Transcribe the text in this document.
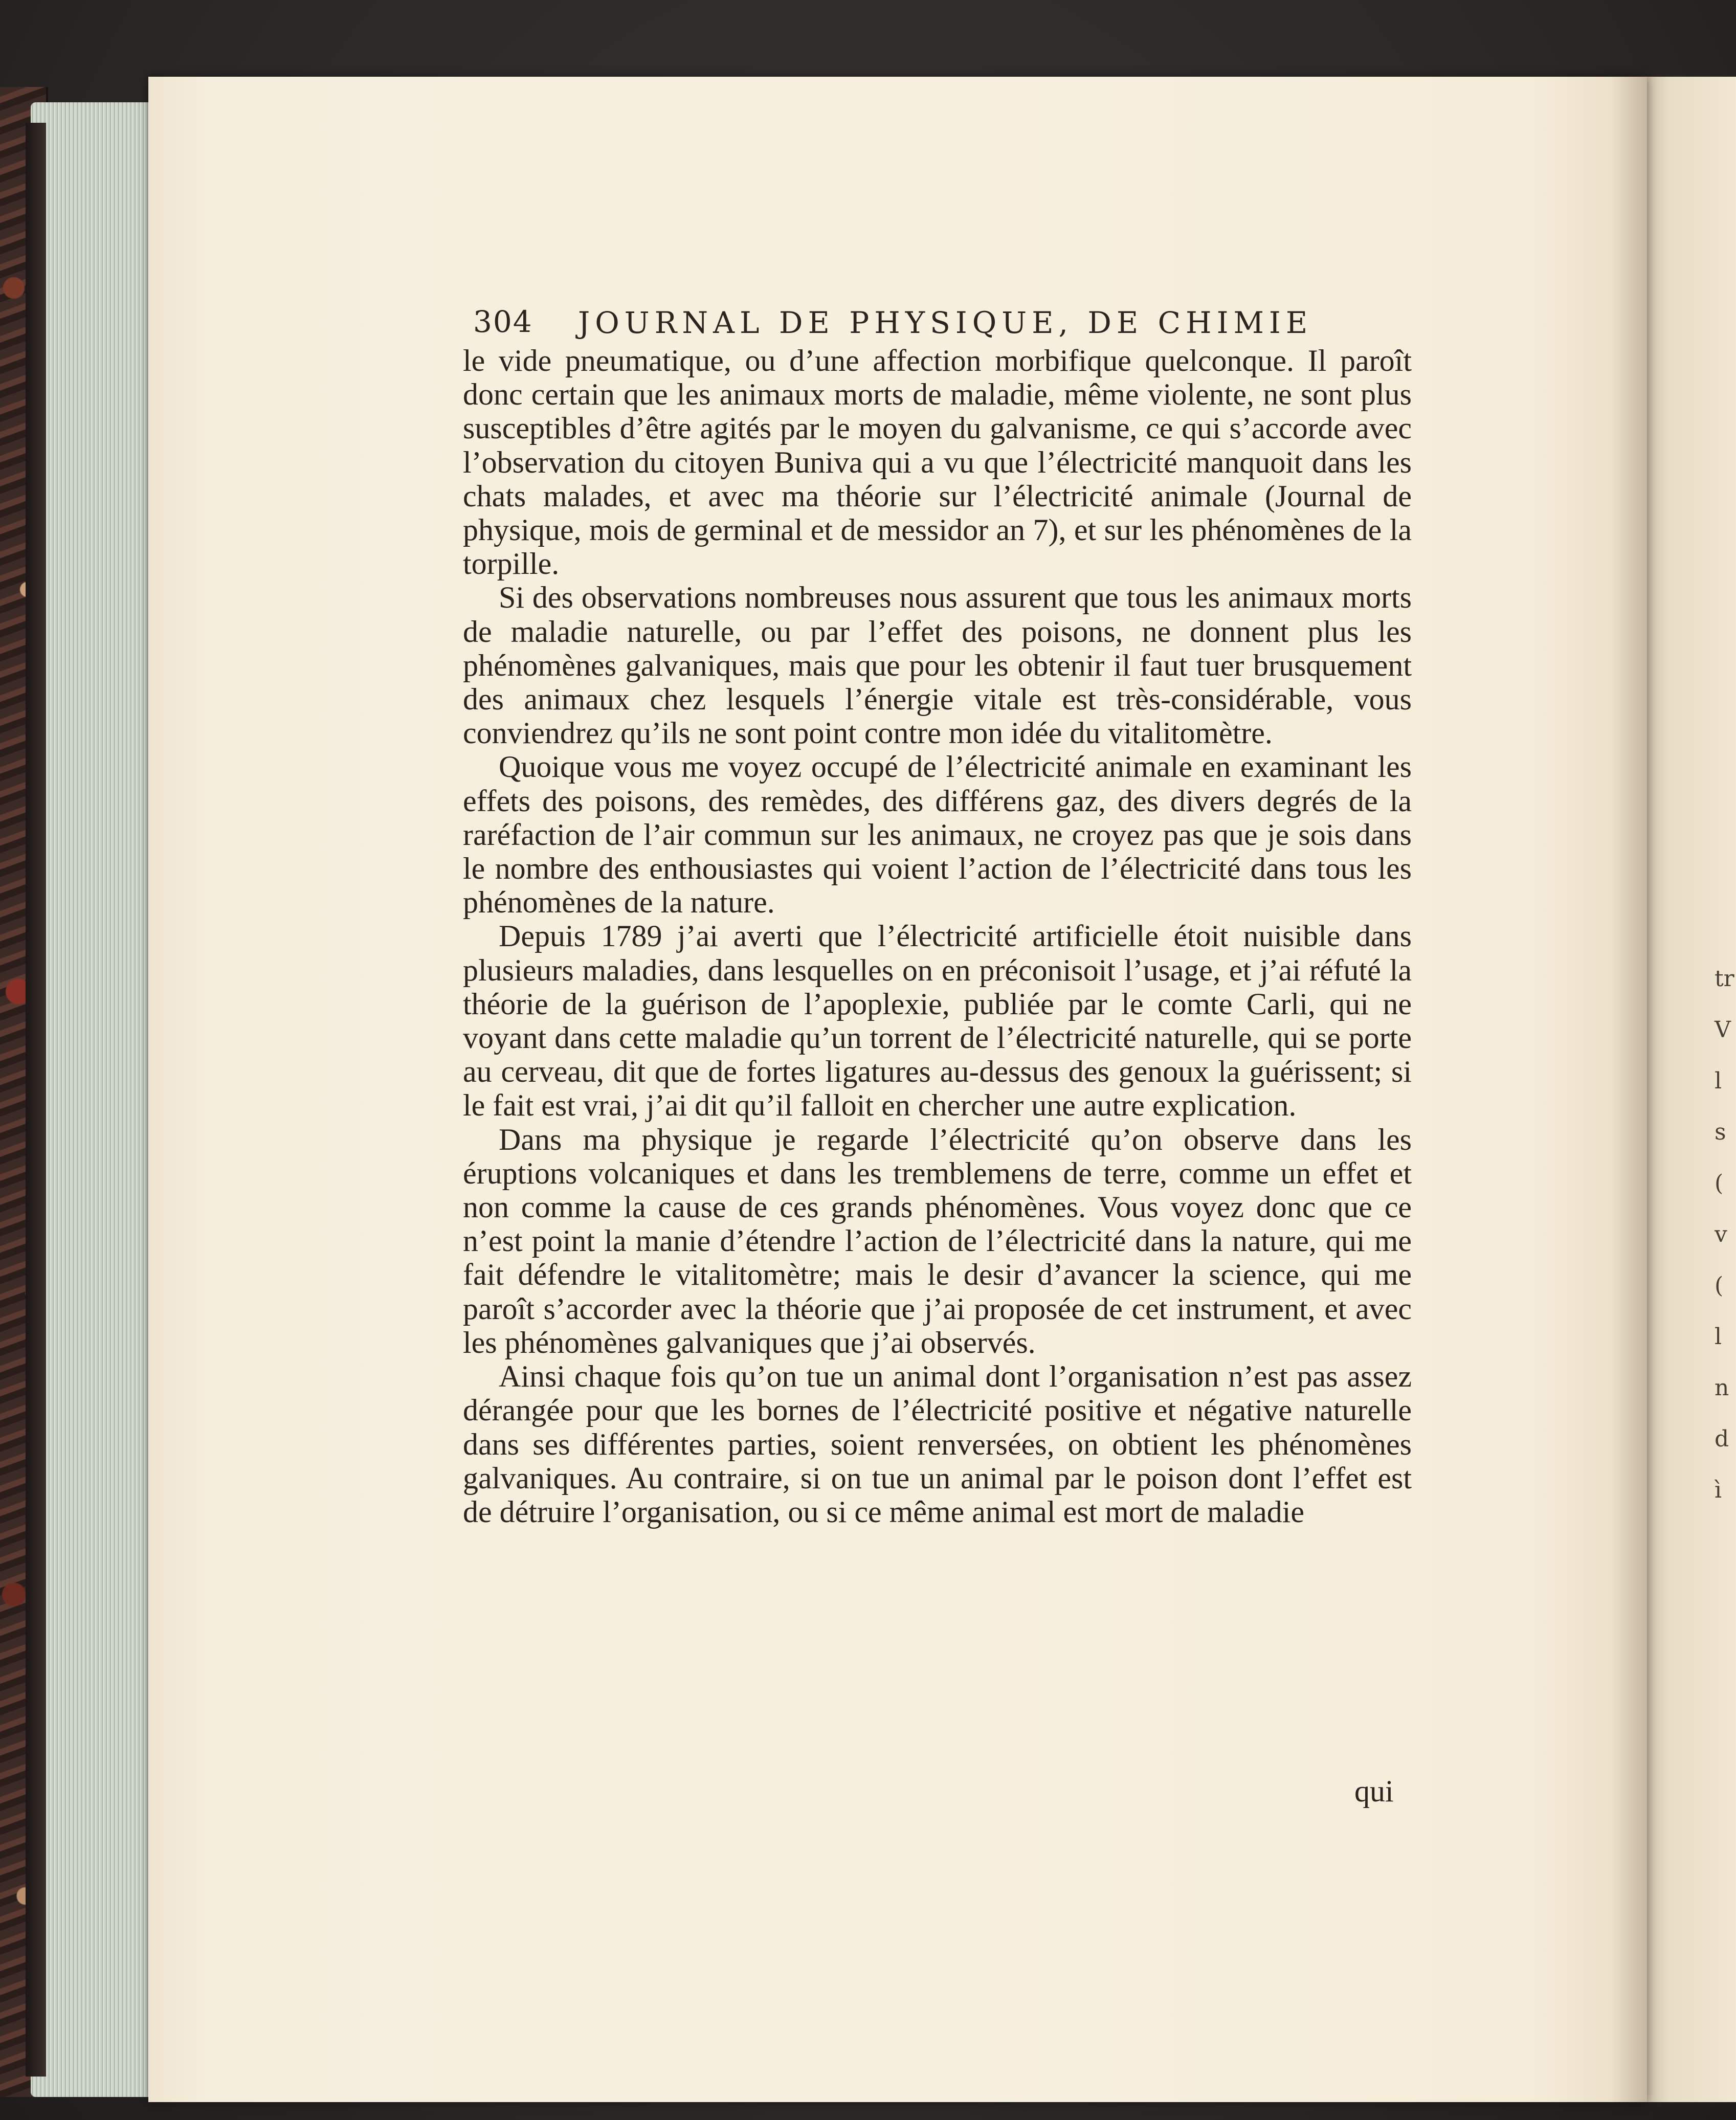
tr
V
l
s
(
v
(
l
n
d
ì
304 JOURNAL DE PHYSIQUE, DE CHIMIE

le vide pneumatique, ou d’une affection morbifique quelconque. Il paroît donc certain que les animaux morts de maladie, même violente, ne sont plus susceptibles d’être agités par le moyen du galvanisme, ce qui s’accorde avec l’observation du citoyen Buniva qui a vu que l’électricité manquoit dans les chats malades, et avec ma théorie sur l’électricité animale (Journal de physique, mois de germinal et de messidor an 7), et sur les phénomènes de la torpille.

Si des observations nombreuses nous assurent que tous les animaux morts de maladie naturelle, ou par l’effet des poisons, ne donnent plus les phénomènes galvaniques, mais que pour les obtenir il faut tuer brusquement des animaux chez lesquels l’énergie vitale est très-considérable, vous conviendrez qu’ils ne sont point contre mon idée du vitalitomètre.

Quoique vous me voyez occupé de l’électricité animale en examinant les effets des poisons, des remèdes, des différens gaz, des divers degrés de la raréfaction de l’air commun sur les animaux, ne croyez pas que je sois dans le nombre des enthousiastes qui voient l’action de l’électricité dans tous les phénomènes de la nature.

Depuis 1789 j’ai averti que l’électricité artificielle étoit nuisible dans plusieurs maladies, dans lesquelles on en préconisoit l’usage, et j’ai réfuté la théorie de la guérison de l’apoplexie, publiée par le comte Carli, qui ne voyant dans cette maladie qu’un torrent de l’électricité naturelle, qui se porte au cerveau, dit que de fortes ligatures au-dessus des genoux la guérissent; si le fait est vrai, j’ai dit qu’il falloit en chercher une autre explication.

Dans ma physique je regarde l’électricité qu’on observe dans les éruptions volcaniques et dans les tremblemens de terre, comme un effet et non comme la cause de ces grands phénomènes. Vous voyez donc que ce n’est point la manie d’étendre l’action de l’électricité dans la nature, qui me fait défendre le vitalitomètre; mais le desir d’avancer la science, qui me paroît s’accorder avec la théorie que j’ai proposée de cet instrument, et avec les phénomènes galvaniques que j’ai observés.

Ainsi chaque fois qu’on tue un animal dont l’organisation n’est pas assez dérangée pour que les bornes de l’électricité positive et négative naturelle dans ses différentes parties, soient renversées, on obtient les phénomènes galvaniques. Au contraire, si on tue un animal par le poison dont l’effet est de détruire l’organisation, ou si ce même animal est mort de maladie

qui
